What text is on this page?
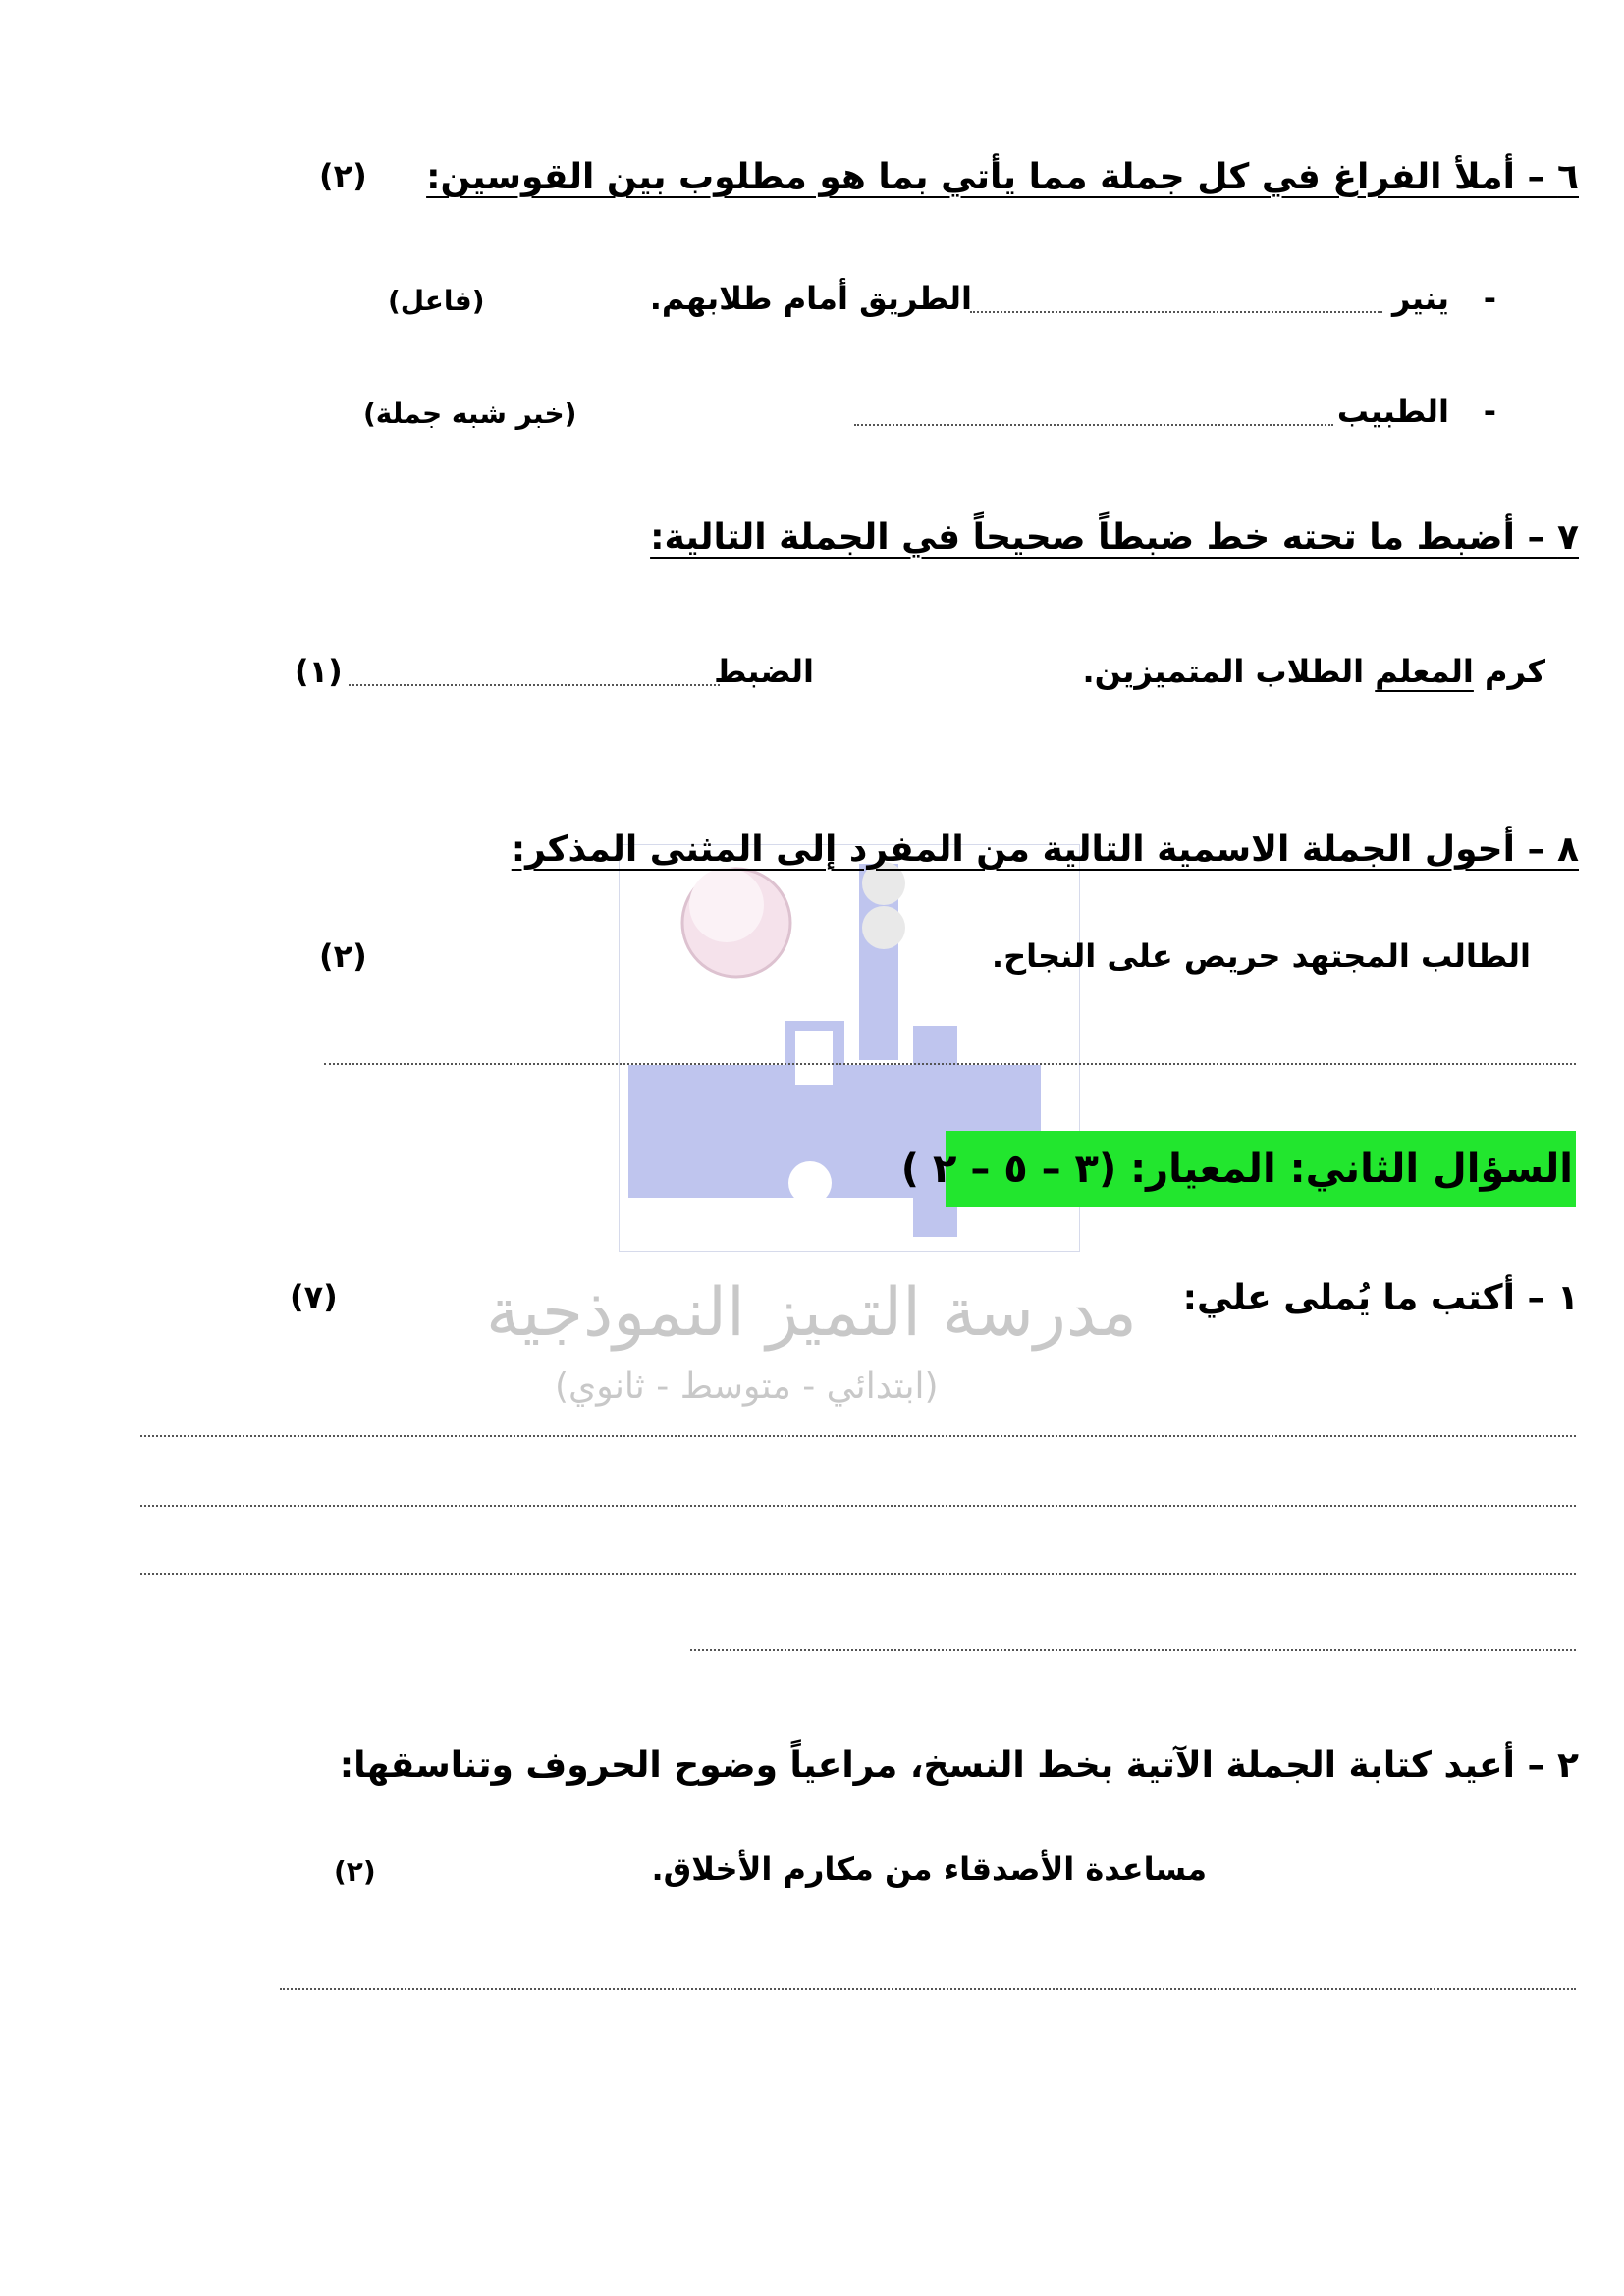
مدرسة التميز النموذجية
(ابتدائي - متوسط - ثانوي)
٦ – أملأ الفراغ في كل جملة مما يأتي بما هو مطلوب بين القوسين:
(٢)
-
ينير
الطريق أمام طلابهم.
(فاعل)
-
الطبيب
(خبر شبه جملة)
٧ – أضبط ما تحته خط ضبطاً صحيحاً في الجملة التالية:
كرم المعلم الطلاب المتميزين.
الضبط
(١)
٨ – أحول الجملة الاسمية التالية من المفرد إلى المثنى المذكر:
الطالب المجتهد حريص على النجاح.
(٢)
السؤال الثاني: المعيار: (٣ – ٥ – ٢ )
١ – أكتب ما يُملى علي:
(٧)
٢ – أعيد كتابة الجملة الآتية بخط النسخ، مراعياً وضوح الحروف وتناسقها:
مساعدة الأصدقاء من مكارم الأخلاق.
(٢)
